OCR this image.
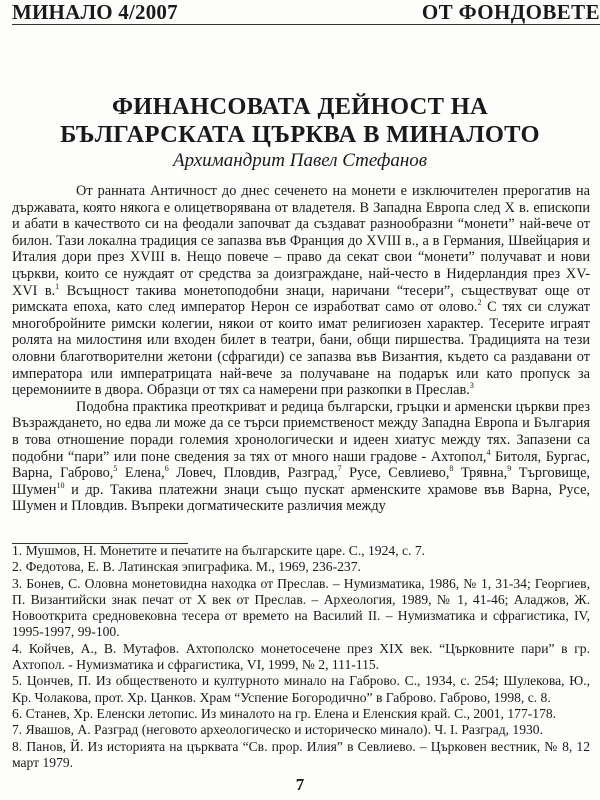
МИНАЛО 4/2007	ОТ ФОНДОВЕТЕ
ФИНАНСОВАТА ДЕЙНОСТ НА
БЪЛГАРСКАТА ЦЪРКВА В МИНАЛОТО
Архимандрит Павел Стефанов

От ранната Античност до днес сеченето на монети е изключителен прерогатив на държавата, която някога е олицетворявана от владетеля. В Западна Европа след X в. епископи и абати в качеството си на феодали започват да създават разнообразни “монети” най-вече от билон. Тази локална традиция се запазва във Франция до XVIII в., а в Германия, Швейцария и Италия дори през XVIII в. Нещо повече – право да секат свои “монети” получават и нови църкви, които се нуждаят от средства за доизграждане, най-често в Нидерландия през XV-XVI в.$^1$ Всъщност такива монетоподобни знаци, наричани “тесери”, съществуват още от римската епоха, като след император Нерон се изработват само от олово.$^2$ С тях си служат многобройните римски колегии, някои от които имат религиозен характер. Тесерите играят ролята на милостиня или входен билет в театри, бани, общи пиршества. Традицията на тези оловни благотворителни жетони (сфрагиди) се запазва във Византия, където са раздавани от императора или императрицата най-вече за получаване на подарък или като пропуск за церемониите в двора. Образци от тях са намерени при разкопки в Преслав.$^3$

Подобна практика преоткриват и редица български, гръцки и арменски църкви през Възраждането, но едва ли може да се търси приемственост между Западна Европа и България в това отношение поради големия хронологически и идеен хиатус между тях. Запазени са подобни “пари” или поне сведения за тях от много наши градове - Ахтопол,$^4$ Битоля, Бургас, Варна, Габрово,$^5$ Елена,$^6$ Ловеч, Пловдив, Разград,$^7$ Русе, Севлиево,$^8$ Трявна,$^9$ Търговище, Шумен$^{10}$ и др. Такива платежни знаци също пускат арменските храмове във Варна, Русе, Шумен и Пловдив. Въпреки догматическите различия между

1. Мушмов, Н. Монетите и печатите на българските царе. С., 1924, с. 7.
2. Федотова, Е. В. Латинская эпиграфика. М., 1969, 236-237.
3. Бонев, С. Оловна монетовидна находка от Преслав. – Нумизматика, 1986, № 1, 31-34; Георгиев, П. Византийски знак печат от X век от Преслав. – Археология, 1989, № 1, 41-46; Аладжов, Ж. Новооткрита средновековна тесера от времето на Василий II. – Нумизматика и сфрагистика, IV, 1995-1997, 99-100.
4. Койчев, А., В. Мутафов. Ахтополско монетосечене през XIX век. “Църковните пари” в гр. Ахтопол. - Нумизматика и сфрагистика, VI, 1999, № 2, 111-115.
5. Цончев, П. Из общественото и културното минало на Габрово. С., 1934, с. 254; Шулекова, Ю., Кр. Чолакова, прот. Хр. Цанков. Храм “Успение Богородично” в Габрово. Габрово, 1998, с. 8.
6. Станев, Хр. Еленски летопис. Из миналото на гр. Елена и Еленския край. С., 2001, 177-178.
7. Явашов, А. Разград (неговото археологическо и историческо минало). Ч. I. Разград, 1930.
8. Панов, Й. Из историята на църквата “Св. прор. Илия” в Севлиево. – Църковен вестник, № 8, 12 март 1979.
7
